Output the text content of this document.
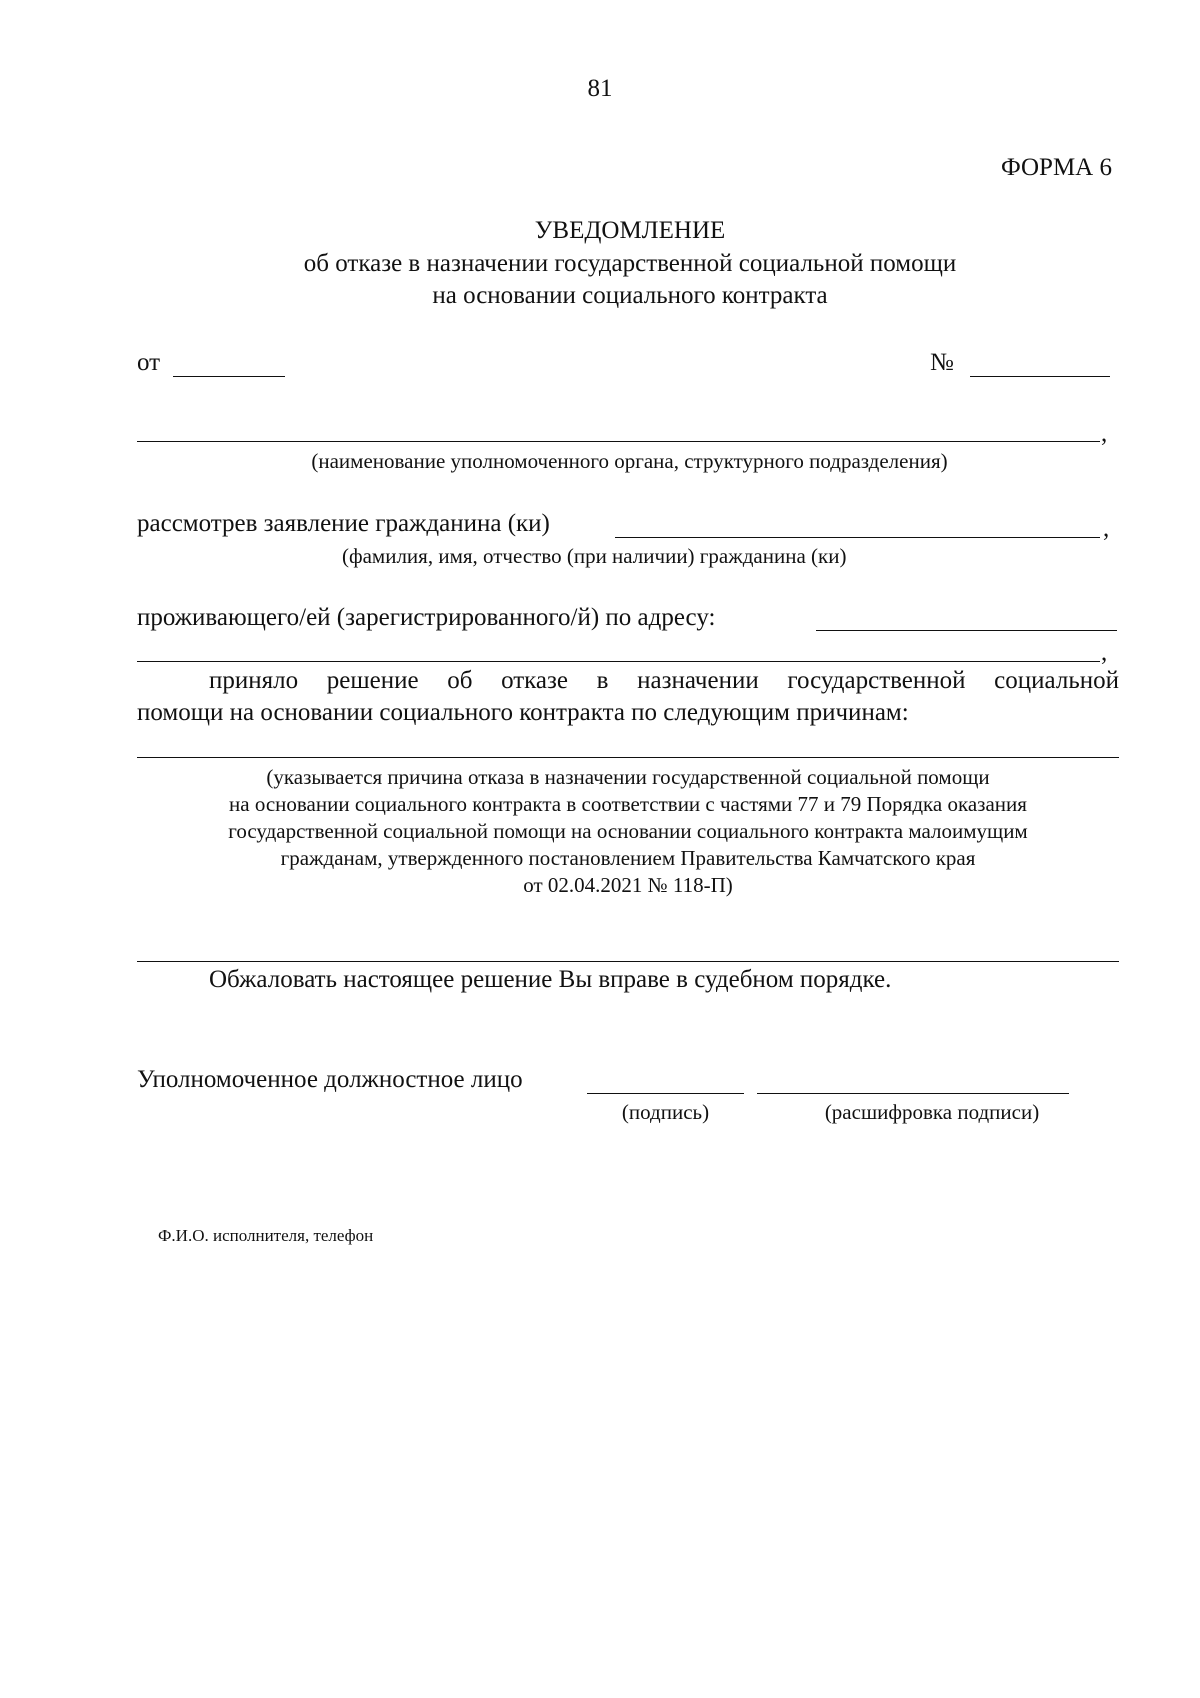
81
ФОРМА 6
УВЕДОМЛЕНИЕ
об отказе в назначении государственной социальной помощи
на основании социального контракта
от	№
,
(наименование уполномоченного органа, структурного подразделения)
рассмотрев заявление гражданина (ки)	,
(фамилия, имя, отчество (при наличии) гражданина (ки)
проживающего/ей (зарегистрированного/й) по адресу:
,
приняло решение об отказе в назначении государственной социальной
помощи на основании социального контракта по следующим причинам:
(указывается причина отказа в назначении государственной социальной помощи
на основании социального контракта в соответствии с частями 77 и 79 Порядка оказания
государственной социальной помощи на основании социального контракта малоимущим
гражданам, утвержденного постановлением Правительства Камчатского края
от 02.04.2021 № 118-П)
Обжаловать настоящее решение Вы вправе в судебном порядке.
Уполномоченное должностное лицо
(подпись)	(расшифровка подписи)
Ф.И.О. исполнителя, телефон
